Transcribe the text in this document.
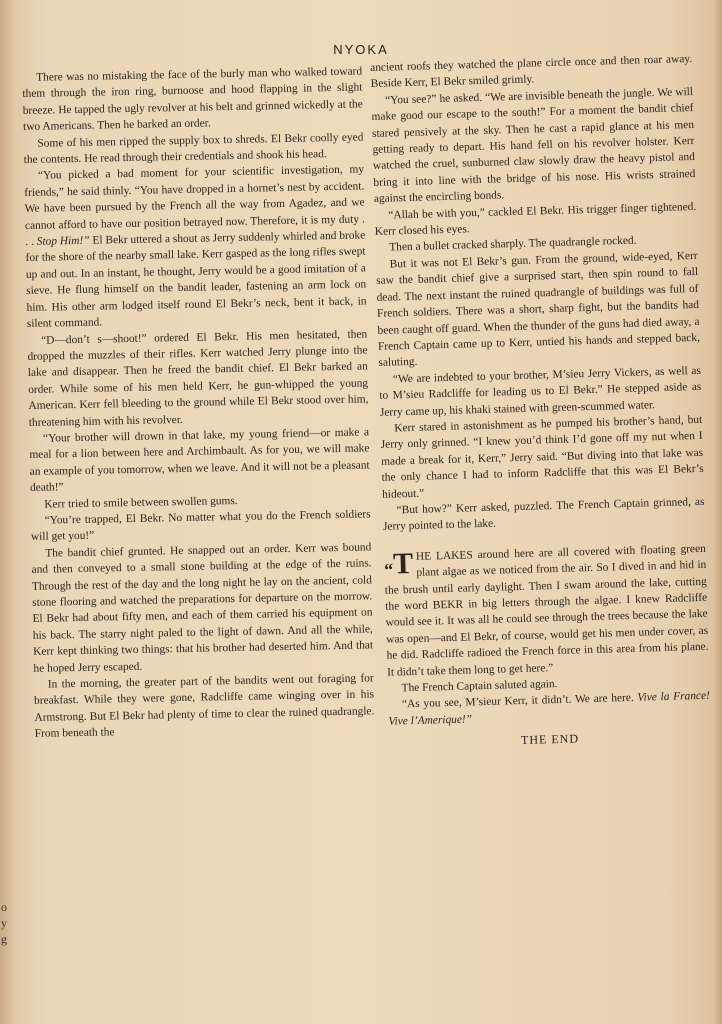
o
y
g
NYOKA

There was no mistaking the face of the burly man who walked toward them through the iron ring, burnoose and hood flapping in the slight breeze. He tapped the ugly revolver at his belt and grinned wickedly at the two Americans. Then he barked an order.

Some of his men ripped the supply box to shreds. El Bekr coolly eyed the contents. He read through their credentials and shook his head.

“You picked a bad moment for your scientific investigation, my friends,” he said thinly. “You have dropped in a hornet’s nest by accident. We have been pursued by the French all the way from Agadez, and we cannot afford to have our position betrayed now. Therefore, it is my duty . . . Stop Him!” El Bekr uttered a shout as Jerry suddenly whirled and broke for the shore of the nearby small lake. Kerr gasped as the long rifles swept up and out. In an instant, he thought, Jerry would be a good imitation of a sieve. He flung himself on the bandit leader, fastening an arm lock on him. His other arm lodged itself round El Bekr’s neck, bent it back, in silent command.

“D—don’t s—shoot!” ordered El Bekr. His men hesitated, then dropped the muzzles of their rifles. Kerr watched Jerry plunge into the lake and disappear. Then he freed the bandit chief. El Bekr barked an order. While some of his men held Kerr, he gun-whipped the young American. Kerr fell bleeding to the ground while El Bekr stood over him, threatening him with his revolver.

“Your brother will drown in that lake, my young friend—or make a meal for a lion between here and Archimbault. As for you, we will make an example of you tomorrow, when we leave. And it will not be a pleasant death!”

Kerr tried to smile between swollen gums.

“You’re trapped, El Bekr. No matter what you do the French soldiers will get you!”

The bandit chief grunted. He snapped out an order. Kerr was bound and then conveyed to a small stone building at the edge of the ruins. Through the rest of the day and the long night he lay on the ancient, cold stone flooring and watched the preparations for departure on the morrow. El Bekr had about fifty men, and each of them carried his equipment on his back. The starry night paled to the light of dawn. And all the while, Kerr kept thinking two things: that his brother had deserted him. And that he hoped Jerry escaped.

In the morning, the greater part of the bandits went out foraging for breakfast. While they were gone, Radcliffe came winging over in his Armstrong. But El Bekr had plenty of time to clear the ruined quadrangle. From beneath the

ancient roofs they watched the plane circle once and then roar away. Beside Kerr, El Bekr smiled grimly.

“You see?” he asked. “We are invisible beneath the jungle. We will make good our escape to the south!” For a moment the bandit chief stared pensively at the sky. Then he cast a rapid glance at his men getting ready to depart. His hand fell on his revolver holster. Kerr watched the cruel, sunburned claw slowly draw the heavy pistol and bring it into line with the bridge of his nose. His wrists strained against the encircling bonds.

“Allah be with you,” cackled El Bekr. His trigger finger tightened. Kerr closed his eyes.

Then a bullet cracked sharply. The quadrangle rocked.

But it was not El Bekr’s gun. From the ground, wide-eyed, Kerr saw the bandit chief give a surprised start, then spin round to fall dead. The next instant the ruined quadrangle of buildings was full of French soldiers. There was a short, sharp fight, but the bandits had been caught off guard. When the thunder of the guns had died away, a French Captain came up to Kerr, untied his hands and stepped back, saluting.

“We are indebted to your brother, M’sieu Jerry Vickers, as well as to M’sieu Radcliffe for leading us to El Bekr.” He stepped aside as Jerry came up, his khaki stained with green-scummed water.

Kerr stared in astonishment as he pumped his brother’s hand, but Jerry only grinned. “I knew you’d think I’d gone off my nut when I made a break for it, Kerr,” Jerry said. “But diving into that lake was the only chance I had to inform Radcliffe that this was El Bekr’s hideout.”

“But how?” Kerr asked, puzzled. The French Captain grinned, as Jerry pointed to the lake.

“T HE LAKES around here are all covered with floating green plant algae as we noticed from the air. So I dived in and hid in the brush until early daylight. Then I swam around the lake, cutting the word BEKR in big letters through the algae. I knew Radcliffe would see it. It was all he could see through the trees because the lake was open—and El Bekr, of course, would get his men under cover, as he did. Radcliffe radioed the French force in this area from his plane. It didn’t take them long to get here.”

The French Captain saluted again.

“As you see, M’sieur Kerr, it didn’t. We are here. Vive la France! Vive l’Amerique!”

THE END
